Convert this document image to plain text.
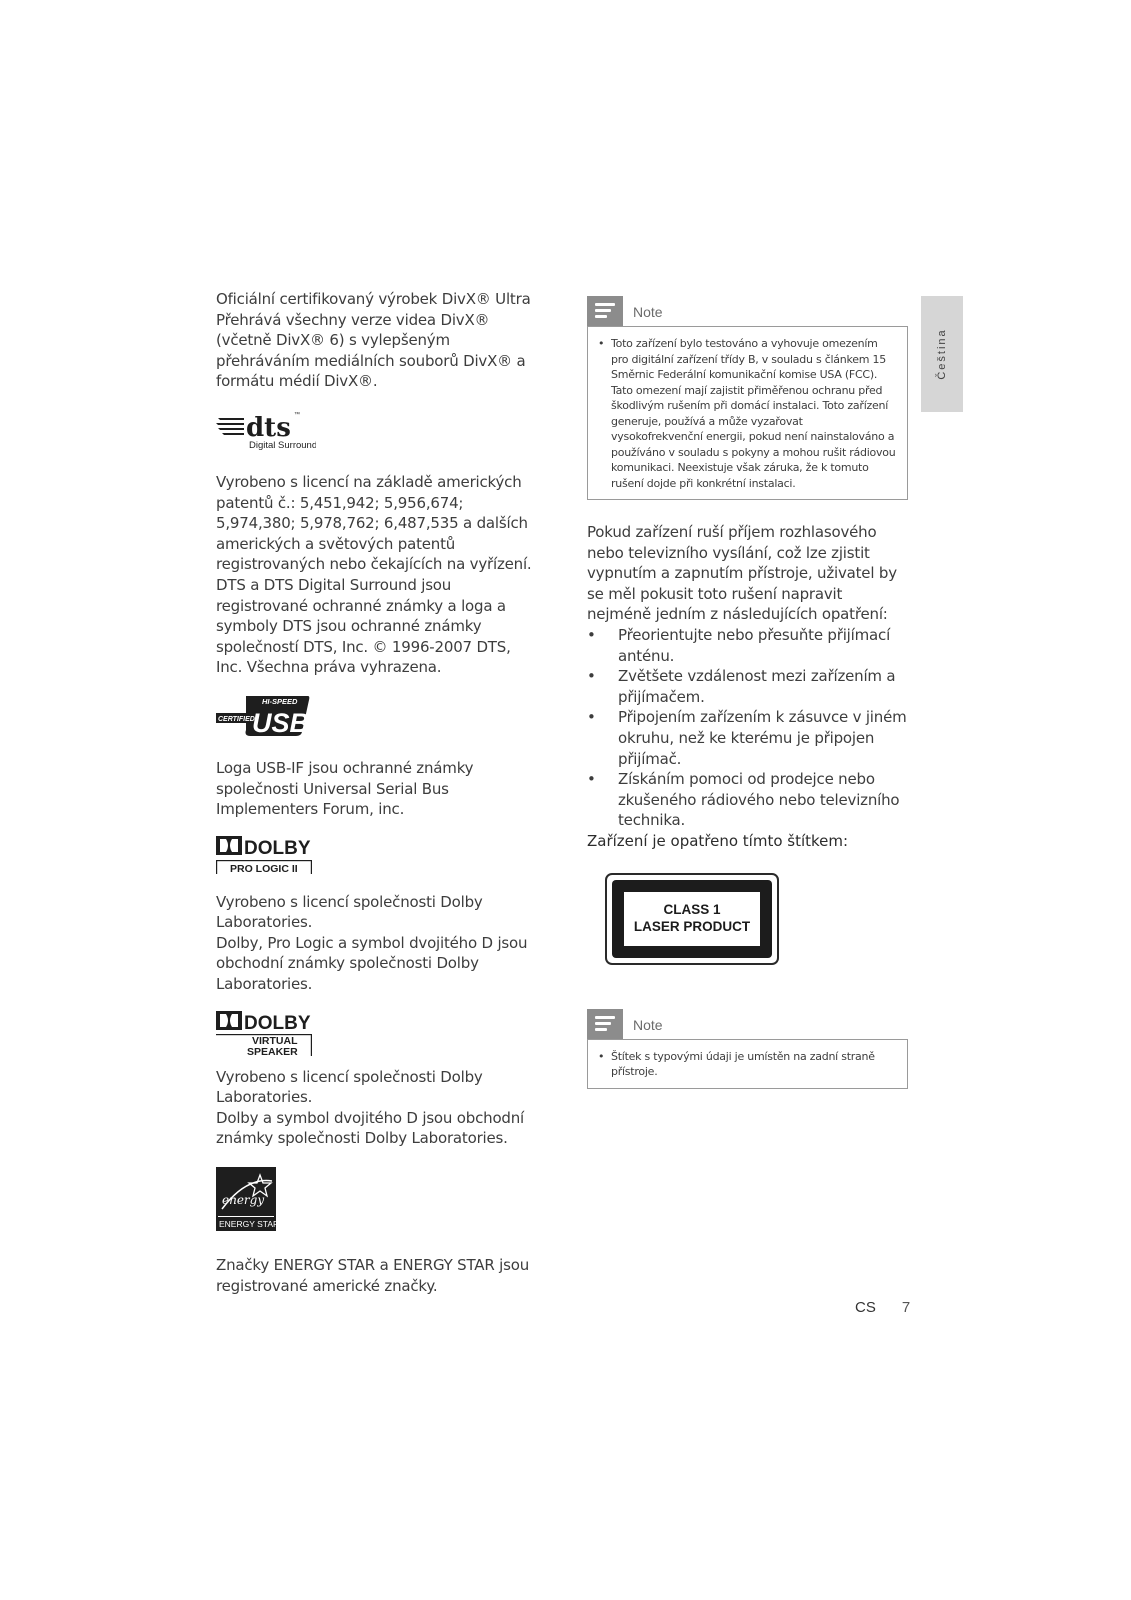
Oficiální certifikovaný výrobek DivX® Ultra Přehrává všechny verze videa DivX® (včetně DivX® 6) s vylepšeným přehráváním mediálních souborů DivX® a formátu médií DivX®.

dts ™
Digital Surround

Vyrobeno s licencí na základě amerických patentů č.: 5,451,942; 5,956,674; 5,974,380; 5,978,762; 6,487,535 a dalších amerických a světových patentů registrovaných nebo čekajících na vyřízení. DTS a DTS Digital Surround jsou registrované ochranné známky a loga a symboly DTS jsou ochranné známky společností DTS, Inc. © 1996-2007 DTS, Inc. Všechna práva vyhrazena.

CERTIFIED
HI-SPEED
USB

Loga USB-IF jsou ochranné známky společnosti Universal Serial Bus Implementers Forum, inc.

DOLBY
PRO LOGIC II

Vyrobeno s licencí společnosti Dolby Laboratories.

Dolby, Pro Logic a symbol dvojitého D jsou obchodní známky společnosti Dolby Laboratories.

DOLBY
VIRTUAL
SPEAKER

Vyrobeno s licencí společnosti Dolby Laboratories.

Dolby a symbol dvojitého D jsou obchodní známky společnosti Dolby Laboratories.

energy
ENERGY STAR

Značky ENERGY STAR a ENERGY STAR jsou registrované americké značky.

Note
• Toto zařízení bylo testováno a vyhovuje omezením pro digitální zařízení třídy B, v souladu s článkem 15 Směrnic Federální komunikační komise USA (FCC). Tato omezení mají zajistit přiměřenou ochranu před škodlivým rušením při domácí instalaci. Toto zařízení generuje, používá a může vyzařovat vysokofrekvenční energii, pokud není nainstalováno a používáno v souladu s pokyny a mohou rušit rádiovou komunikaci. Neexistuje však záruka, že k tomuto rušení dojde při konkrétní instalaci.

Pokud zařízení ruší příjem rozhlasového nebo televizního vysílání, což lze zjistit vypnutím a zapnutím přístroje, uživatel by se měl pokusit toto rušení napravit nejméně jedním z následujících opatření:

• Přeorientujte nebo přesuňte přijímací anténu.
• Zvětšete vzdálenost mezi zařízením a přijímačem.
• Připojením zařízením k zásuvce v jiném okruhu, než ke kterému je připojen přijímač.
• Získáním pomoci od prodejce nebo zkušeného rádiového nebo televizního technika.

Zařízení je opatřeno tímto štítkem:

CLASS 1
LASER PRODUCT
Note
• Štítek s typovými údaji je umístěn na zadní straně přístroje.
Čeština
CS 7
